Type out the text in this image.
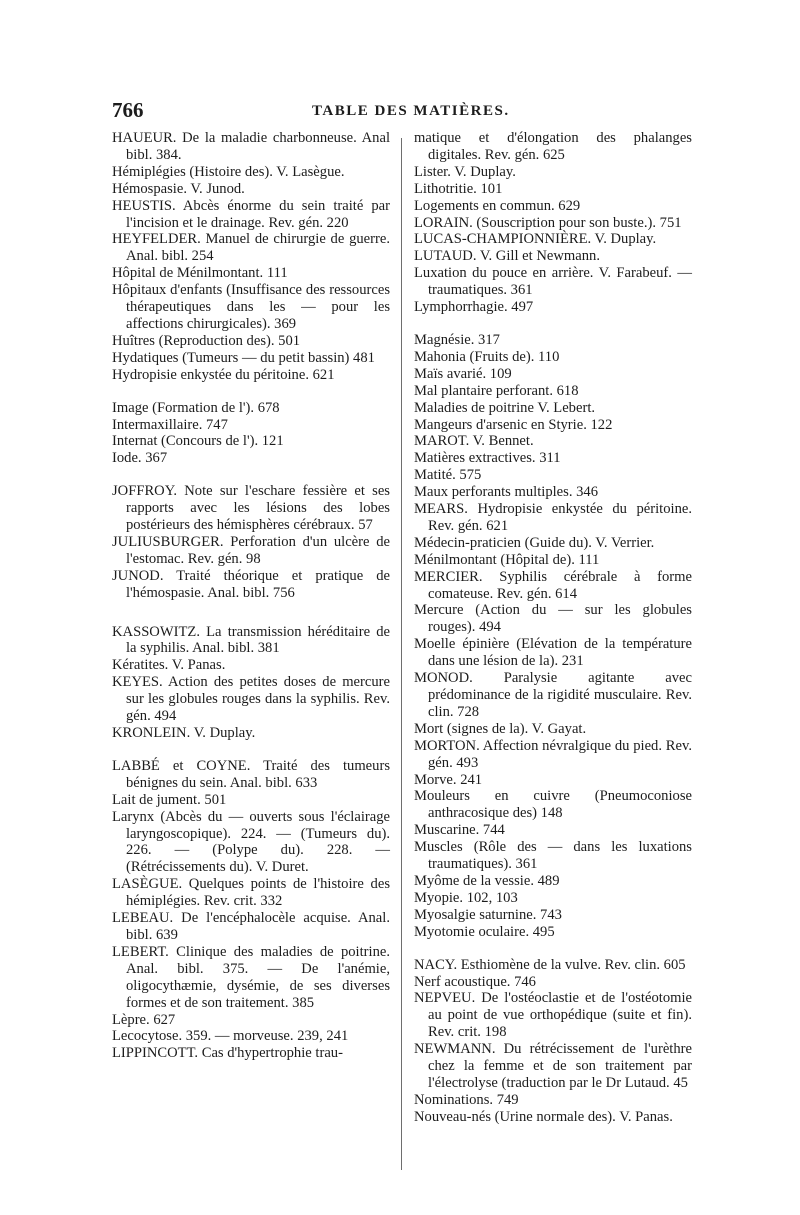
766	TABLE DES MATIÈRES.

HAUEUR. De la maladie charbonneuse. Anal bibl. 384.

Hémiplégies (Histoire des). V. Lasègue.

Hémospasie. V. Junod.

HEUSTIS. Abcès énorme du sein traité par l'incision et le drainage. Rev. gén. 220

HEYFELDER. Manuel de chirurgie de guerre. Anal. bibl. 254

Hôpital de Ménilmontant. 111

Hôpitaux d'enfants (Insuffisance des ressources thérapeutiques dans les — pour les affections chirurgicales). 369

Huîtres (Reproduction des). 501

Hydatiques (Tumeurs — du petit bassin) 481

Hydropisie enkystée du péritoine. 621

Image (Formation de l'). 678

Intermaxillaire. 747

Internat (Concours de l'). 121

Iode. 367

JOFFROY. Note sur l'eschare fessière et ses rapports avec les lésions des lobes postérieurs des hémisphères cérébraux. 57

JULIUSBURGER. Perforation d'un ulcère de l'estomac. Rev. gén. 98

JUNOD. Traité théorique et pratique de l'hémospasie. Anal. bibl. 756

KASSOWITZ. La transmission héréditaire de la syphilis. Anal. bibl. 381

Kératites. V. Panas.

KEYES. Action des petites doses de mercure sur les globules rouges dans la syphilis. Rev. gén. 494

KRONLEIN. V. Duplay.

LABBÉ et COYNE. Traité des tumeurs bénignes du sein. Anal. bibl. 633

Lait de jument. 501

Larynx (Abcès du — ouverts sous l'éclairage laryngoscopique). 224. — (Tumeurs du). 226. — (Polype du). 228. — (Rétrécissements du). V. Duret.

LASÈGUE. Quelques points de l'histoire des hémiplégies. Rev. crit. 332

LEBEAU. De l'encéphalocèle acquise. Anal. bibl. 639

LEBERT. Clinique des maladies de poitrine. Anal. bibl. 375. — De l'anémie, oligocythæmie, dysémie, de ses diverses formes et de son traitement. 385

Lèpre. 627

Lecocytose. 359. — morveuse. 239, 241

LIPPINCOTT. Cas d'hypertrophie trau-

matique et d'élongation des phalanges digitales. Rev. gén. 625

Lister. V. Duplay.

Lithotritie. 101

Logements en commun. 629

LORAIN. (Souscription pour son buste.). 751

LUCAS-CHAMPIONNIÈRE. V. Duplay.

LUTAUD. V. Gill et Newmann.

Luxation du pouce en arrière. V. Farabeuf. — traumatiques. 361

Lymphorrhagie. 497

Magnésie. 317

Mahonia (Fruits de). 110

Maïs avarié. 109

Mal plantaire perforant. 618

Maladies de poitrine V. Lebert.

Mangeurs d'arsenic en Styrie. 122

MAROT. V. Bennet.

Matières extractives. 311

Matité. 575

Maux perforants multiples. 346

MEARS. Hydropisie enkystée du péritoine. Rev. gén. 621

Médecin-praticien (Guide du). V. Verrier.

Ménilmontant (Hôpital de). 111

MERCIER. Syphilis cérébrale à forme comateuse. Rev. gén. 614

Mercure (Action du — sur les globules rouges). 494

Moelle épinière (Elévation de la température dans une lésion de la). 231

MONOD. Paralysie agitante avec prédominance de la rigidité musculaire. Rev. clin. 728

Mort (signes de la). V. Gayat.

MORTON. Affection névralgique du pied. Rev. gén. 493

Morve. 241

Mouleurs en cuivre (Pneumoconiose anthracosique des) 148

Muscarine. 744

Muscles (Rôle des — dans les luxations traumatiques). 361

Myôme de la vessie. 489

Myopie. 102, 103

Myosalgie saturnine. 743

Myotomie oculaire. 495

NACY. Esthiomène de la vulve. Rev. clin. 605

Nerf acoustique. 746

NEPVEU. De l'ostéoclastie et de l'ostéotomie au point de vue orthopédique (suite et fin). Rev. crit. 198

NEWMANN. Du rétrécissement de l'urèthre chez la femme et de son traitement par l'électrolyse (traduction par le Dr Lutaud. 45

Nominations. 749

Nouveau-nés (Urine normale des). V. Panas.
